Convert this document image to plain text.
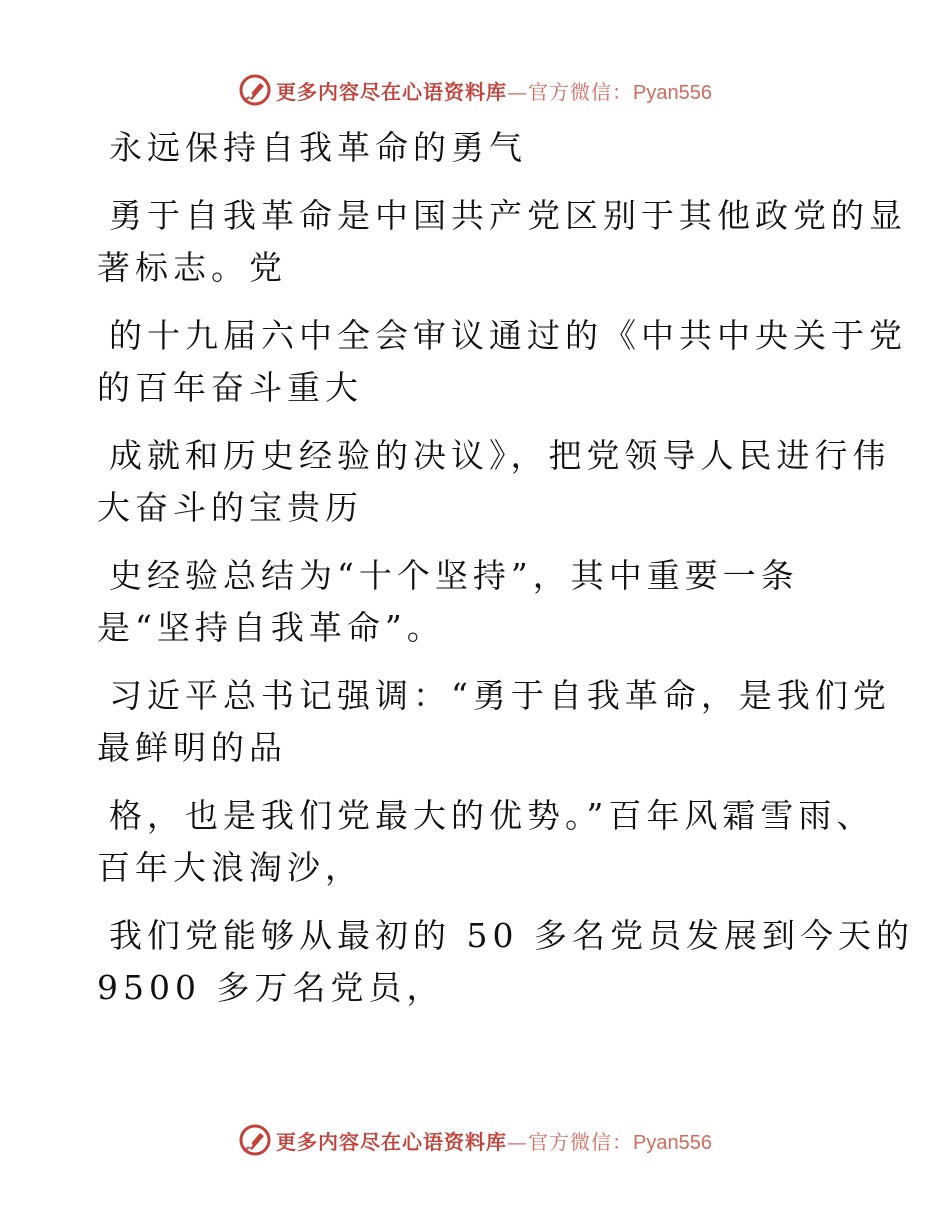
更多内容尽在心语资料库—官方微信：Pyan556

永远保持自我革命的勇气

勇于自我革命是中国共产党区别于其他政党的显

著标志。党

的十九届六中全会审议通过的《中共中央关于党

的百年奋斗重大

成就和历史经验的决议》，把党领导人民进行伟

大奋斗的宝贵历

史经验总结为“十个坚持”，其中重要一条

是“坚持自我革命”。

习近平总书记强调：“勇于自我革命，是我们党

最鲜明的品

格，也是我们党最大的优势。”百年风霜雪雨、

百年大浪淘沙，

我们党能够从最初的 50 多名党员发展到今天的

9500 多万名党员，

更多内容尽在心语资料库—官方微信：Pyan556
